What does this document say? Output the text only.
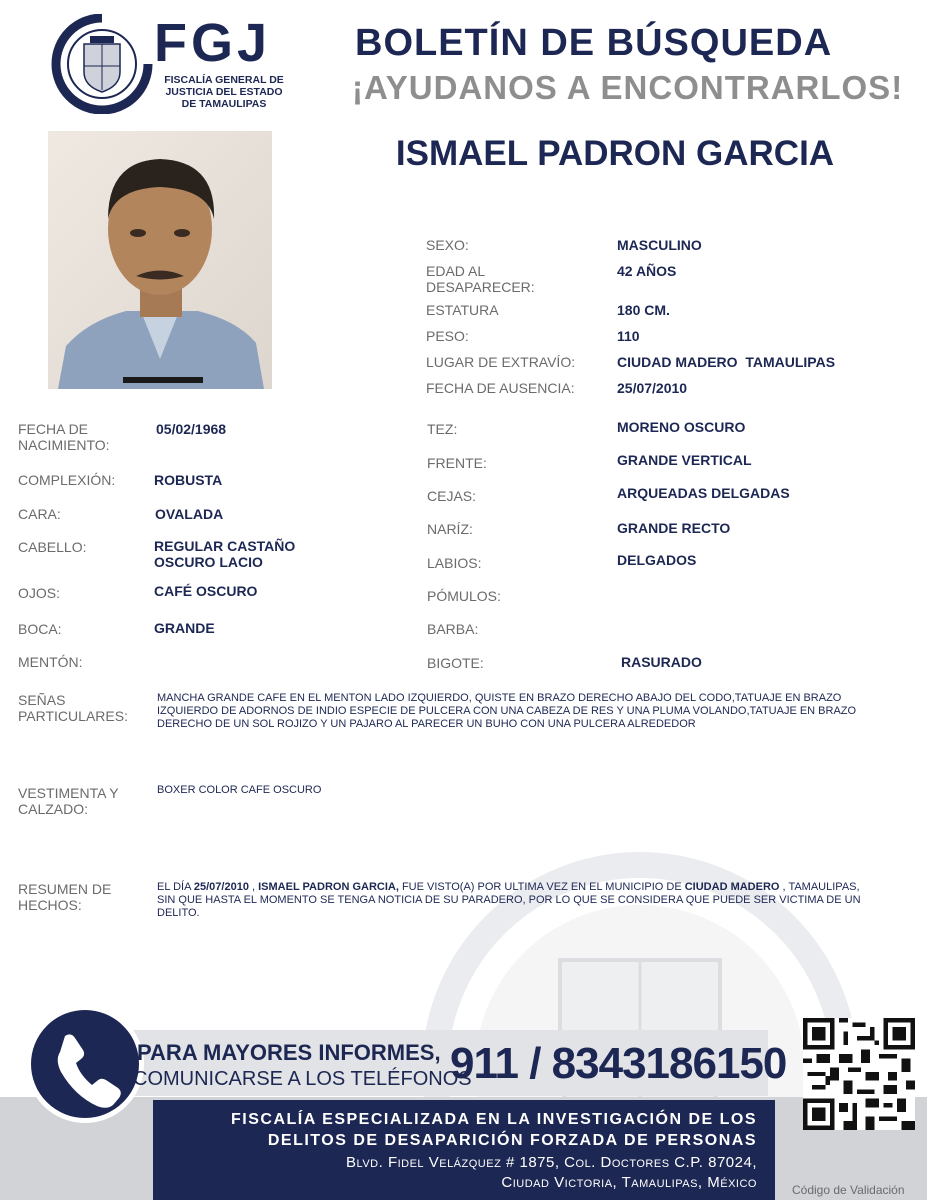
FGJ
FISCALÍA GENERAL DE
JUSTICIA DEL ESTADO
DE TAMAULIPAS
BOLETÍN DE BÚSQUEDA
¡AYUDANOS A ENCONTRARLOS!
ISMAEL PADRON GARCIA
SEXO:	MASCULINO
EDAD AL DESAPARECER:
42 AÑOS
ESTATURA	180 CM.
PESO:	110
LUGAR DE EXTRAVÍO:	CIUDAD MADERO  TAMAULIPAS
FECHA DE AUSENCIA:	25/07/2010
FECHA DE NACIMIENTO:
05/02/1968
COMPLEXIÓN:	ROBUSTA
CARA:	OVALADA
CABELLO:	REGULAR CASTAÑO OSCURO LACIO
OJOS:	CAFÉ OSCURO
BOCA:	GRANDE
MENTÓN:
TEZ:	MORENO OSCURO
FRENTE:	GRANDE VERTICAL
CEJAS:	ARQUEADAS DELGADAS
NARÍZ:	GRANDE RECTO
LABIOS:	DELGADOS
PÓMULOS:
BARBA:
BIGOTE:	RASURADO
SEÑAS PARTICULARES:
MANCHA GRANDE CAFE EN EL MENTON LADO IZQUIERDO, QUISTE EN BRAZO DERECHO ABAJO DEL CODO,TATUAJE EN BRAZO IZQUIERDO DE ADORNOS DE INDIO ESPECIE DE PULCERA CON UNA CABEZA DE RES Y UNA PLUMA VOLANDO,TATUAJE EN BRAZO DERECHO DE UN SOL ROJIZO Y UN PAJARO AL PARECER UN BUHO CON UNA PULCERA ALREDEDOR
VESTIMENTA Y CALZADO:
BOXER COLOR CAFE OSCURO
RESUMEN DE HECHOS:
EL DÍA 25/07/2010 , ISMAEL PADRON GARCIA, FUE VISTO(A) POR ULTIMA VEZ EN EL MUNICIPIO DE CIUDAD MADERO , TAMAULIPAS, SIN QUE HASTA EL MOMENTO SE TENGA NOTICIA DE SU PARADERO, POR LO QUE SE CONSIDERA QUE PUEDE SER VICTIMA DE UN DELITO.
PARA MAYORES INFORMES,
COMUNICARSE A LOS TELÉFONOS
911 / 8343186150
FISCALÍA ESPECIALIZADA EN LA INVESTIGACIÓN DE LOS
DELITOS DE DESAPARICIÓN FORZADA DE PERSONAS
Blvd. Fidel Velázquez # 1875, Col. Doctores C.P. 87024,
Ciudad Victoria, Tamaulipas, México	Código de Validación
